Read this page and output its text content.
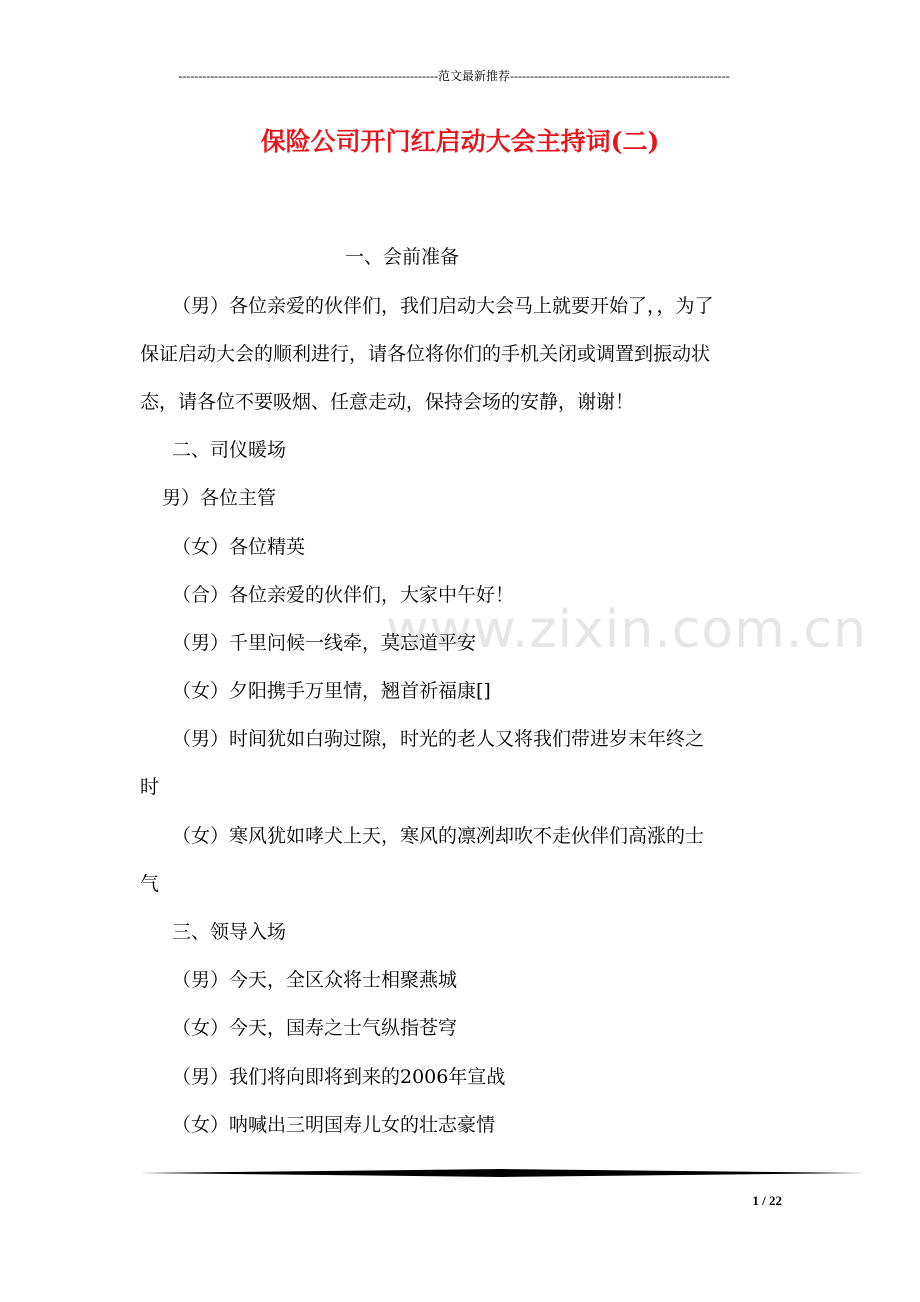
-----------------------------------------------------------------范文最新推荐-------------------------------------------------------
保险公司开门红启动大会主持词(二)
www.zixin.com.cn
一、会前准备
（男）各位亲爱的伙伴们，我们启动大会马上就要开始了，，为了
保证启动大会的顺利进行，请各位将你们的手机关闭或调置到振动状
态，请各位不要吸烟、任意走动，保持会场的安静，谢谢！
二、司仪暖场
男）各位主管
（女）各位精英
（合）各位亲爱的伙伴们，大家中午好！
（男）千里问候一线牵，莫忘道平安
（女）夕阳携手万里情，翘首祈福康[]
（男）时间犹如白驹过隙，时光的老人又将我们带进岁末年终之
时
（女）寒风犹如哮犬上天，寒风的凛冽却吹不走伙伴们高涨的士
气
三、领导入场
（男）今天，全区众将士相聚燕城
（女）今天，国寿之士气纵指苍穹
（男）我们将向即将到来的2006年宣战
（女）呐喊出三明国寿儿女的壮志豪情
1 / 22
